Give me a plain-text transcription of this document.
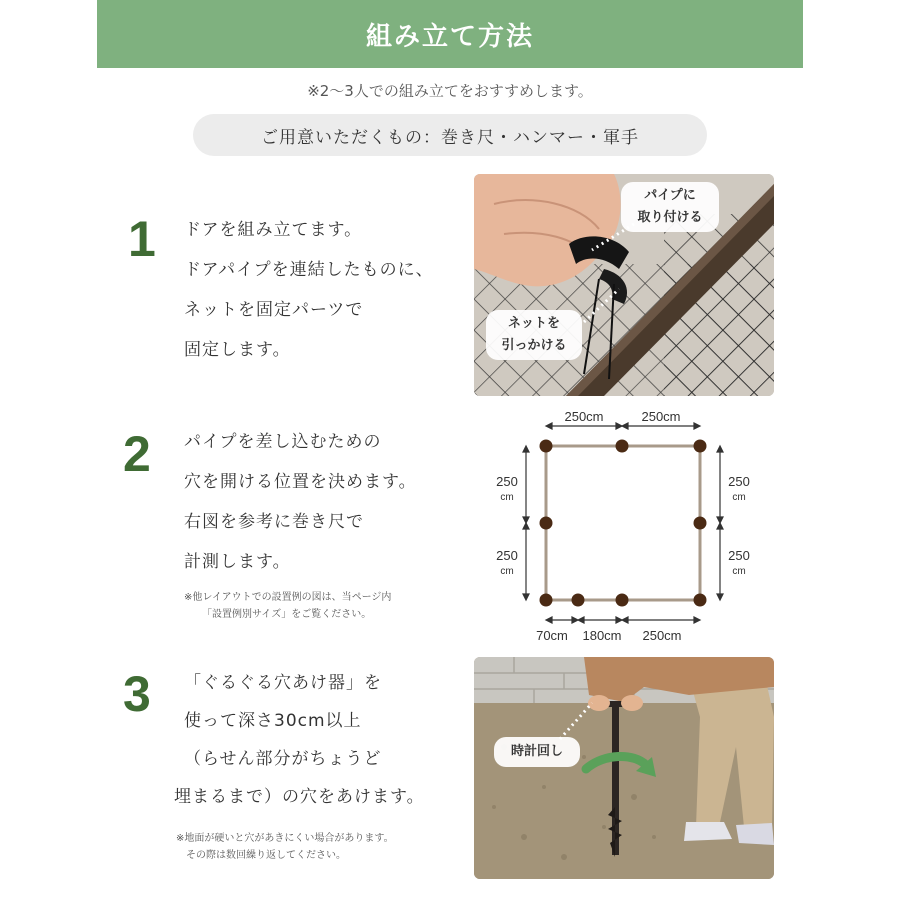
組み立て方法
※2〜3人での組み立てをおすすめします。
ご用意いただくもの：巻き尺・ハンマー・軍手
1 ドアを組み立てます。
ドアパイプを連結したものに、
ネットを固定パーツで
固定します。
パイプに
取り付ける
ネットを
引っかける
2 パイプを差し込むための
穴を開ける位置を決めます。
右図を参考に巻き尺で
計測します。
※他レイアウトでの設置例の図は、当ページ内
「設置例別サイズ」をご覧ください。
250cm	250cm
250
cm
250
cm
250
cm
250
cm
70cm 180cm 250cm
3 「ぐるぐる穴あけ器」を
使って深さ30cm以上
（らせん部分がちょうど
埋まるまで）の穴をあけます。
※地面が硬いと穴があきにくい場合があります。
その際は数回繰り返してください。
時計回し
